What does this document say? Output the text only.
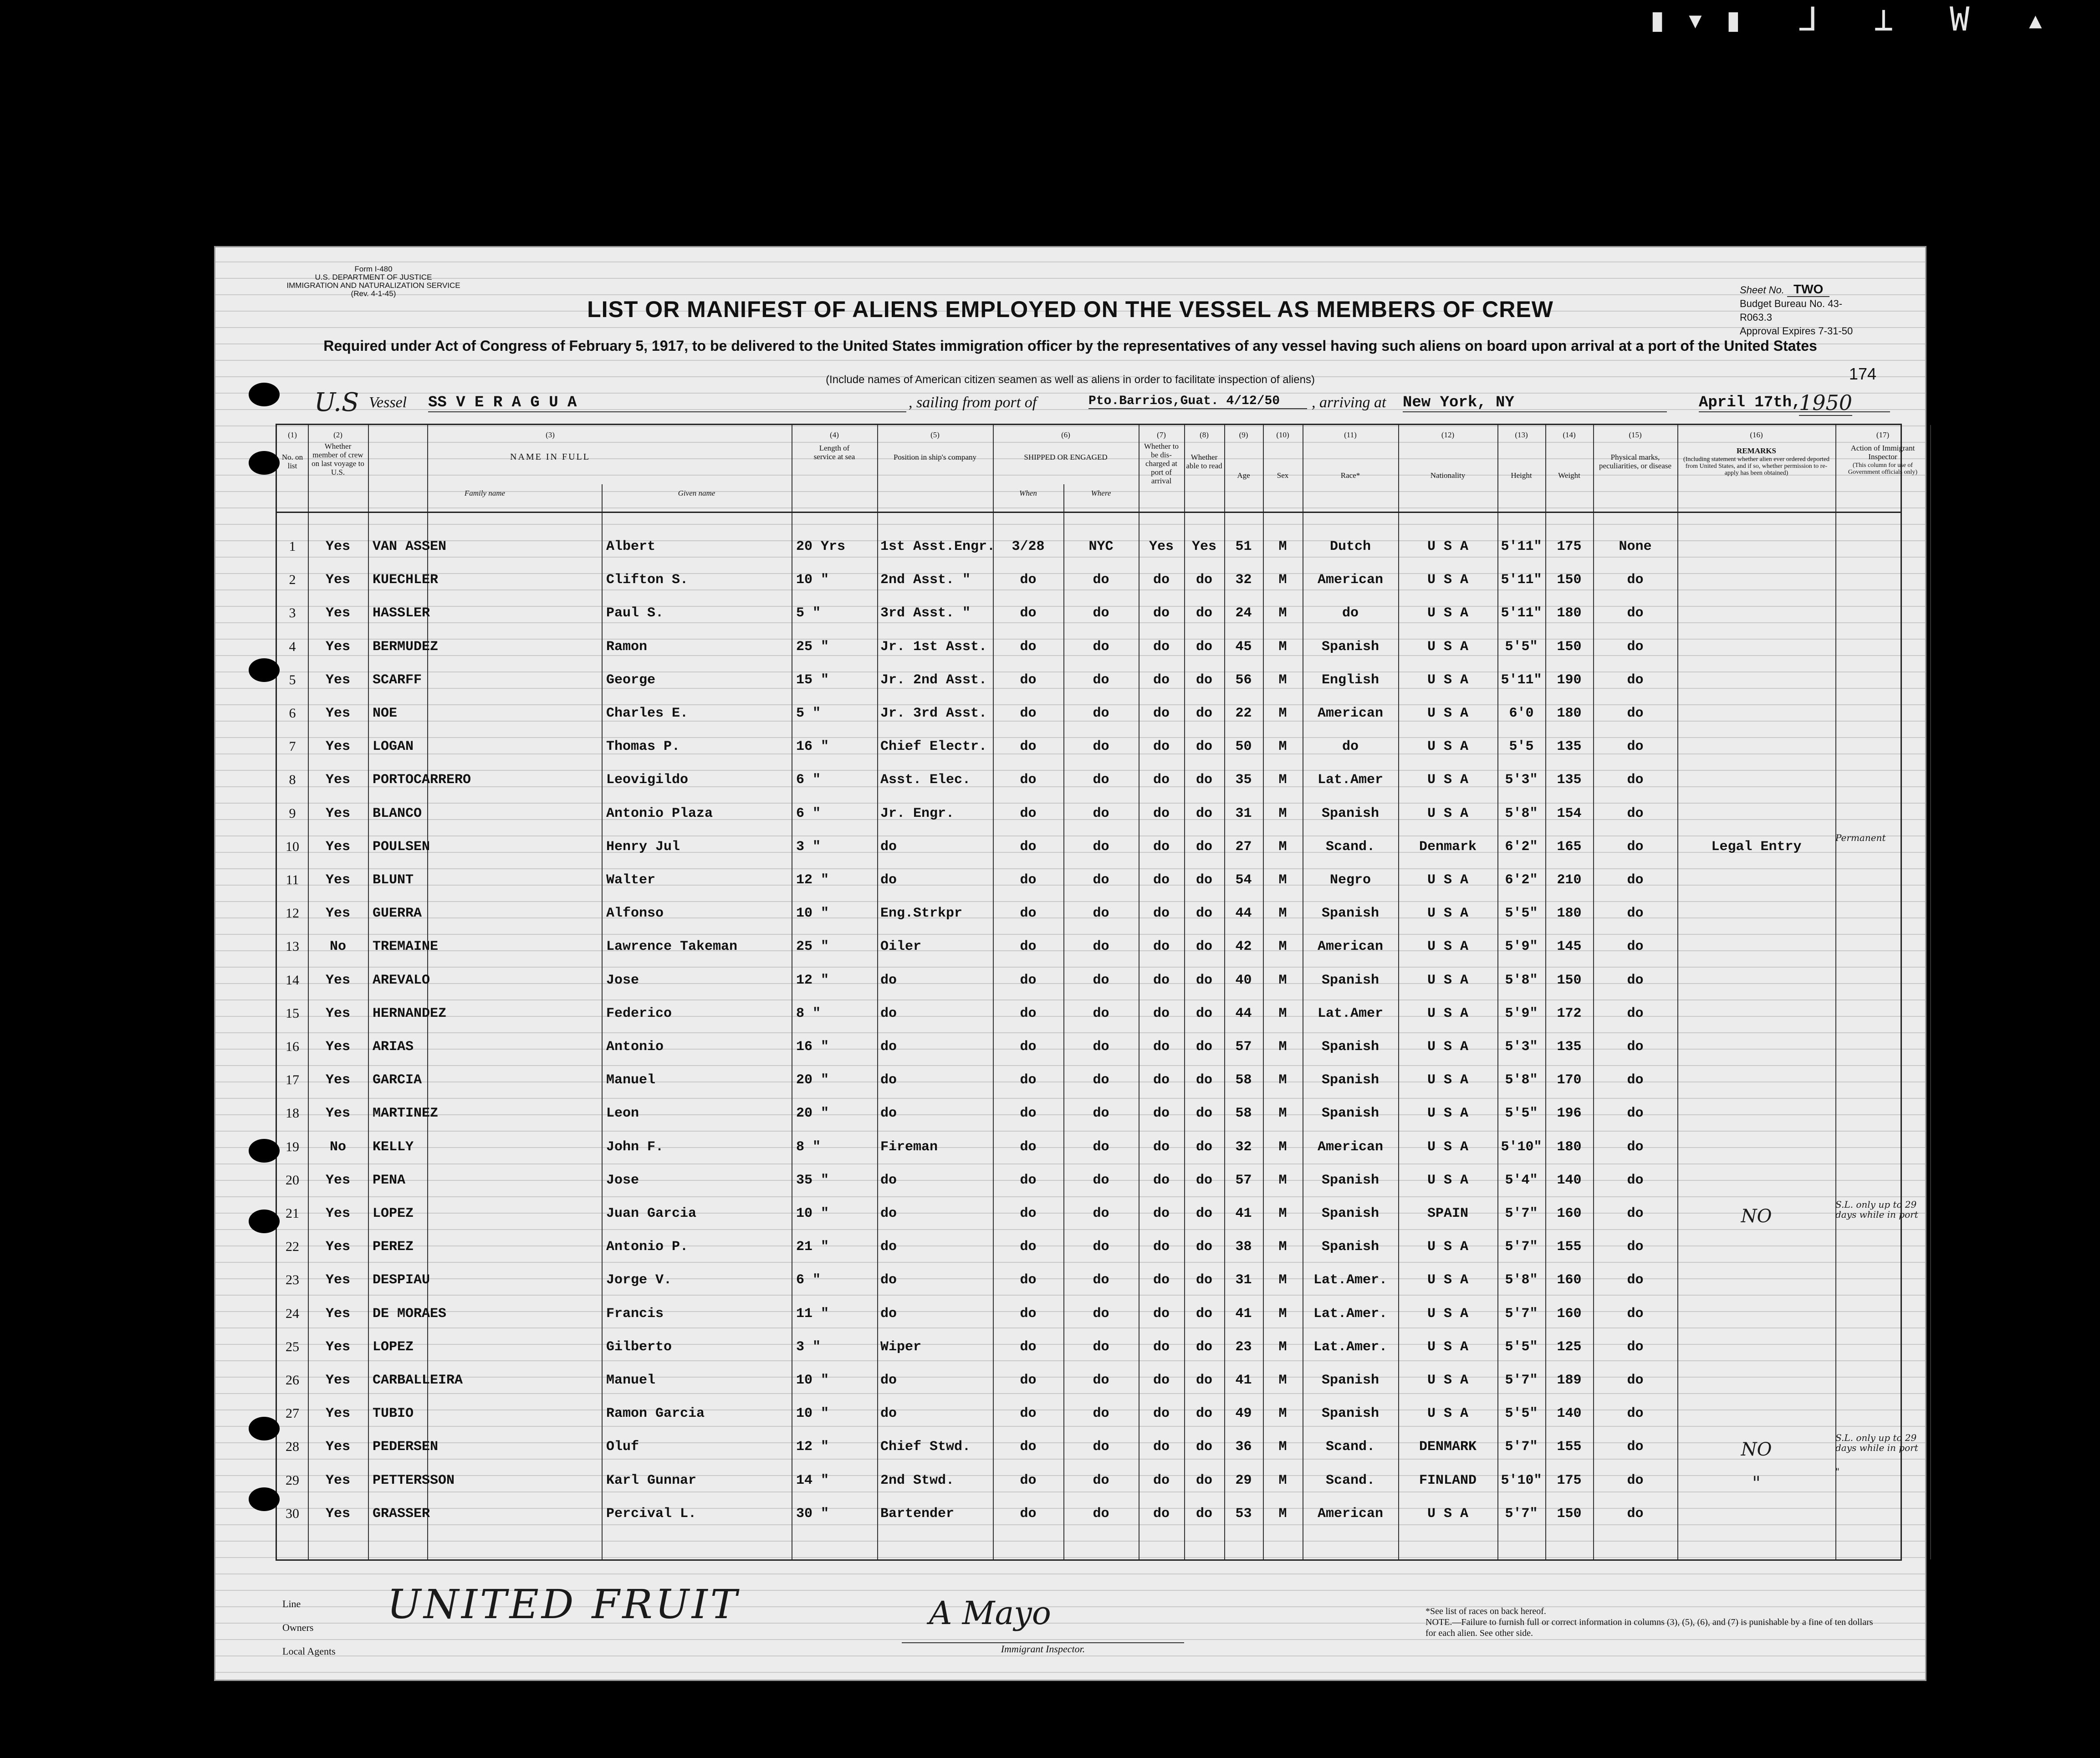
▮▾▮ ⅃ ⊥ W ▴
Form I-480
U.S. DEPARTMENT OF JUSTICE
IMMIGRATION AND NATURALIZATION SERVICE
(Rev. 4-1-45)	Sheet No. TWO
Budget Bureau No. 43-R063.3
Approval Expires 7-31-50
LIST OR MANIFEST OF ALIENS EMPLOYED ON THE VESSEL AS MEMBERS OF CREW
Required under Act of Congress of February 5, 1917, to be delivered to the United States immigration officer by the representatives of any vessel having such aliens on board upon arrival at a port of the United States
(Include names of American citizen seamen as well as aliens in order to facilitate inspection of aliens)	174
U.S Vessel SS V E R A G U A	, sailing from port of	Pto.Barrios,Guat. 4/12/50	, arriving at New York, NY	April 17th,
1950
(1)
No. on list
(2)
Whether member of crew on last voyage to U.S.
(3)
NAME IN FULL
Family name	Given name
(4)
Length of service at sea
(5)
Position in ship's company
(6)
SHIPPED OR ENGAGED
When	Where
(7)
Whether to be dis-charged at port of arrival
(8)
Whether able to read
(9)
Age
(10)
Sex
(11)
Race*
(12)
Nationality
(13)
Height
(14)
Weight
(15)
Physical marks, peculiarities, or disease
(16)
REMARKS
(Including statement whether alien ever ordered deported from United States, and if so, whether permission to re-apply has been obtained)
(17)
Action of Immigrant Inspector
(This column for use of Government officials only)
1	Yes	VAN ASSEN	Albert	20 Yrs	1st Asst.Engr.	3/28	NYC	Yes	Yes	51	M	Dutch	U S A	5'11"	175	None
2	Yes	KUECHLER	Clifton S.	10 "	2nd Asst. "	do	do	do	do	32	M	American	U S A	5'11"	150	do
3	Yes	HASSLER	Paul S.	5 "	3rd Asst. "	do	do	do	do	24	M	do	U S A	5'11"	180	do
4	Yes	BERMUDEZ	Ramon	25 "	Jr. 1st Asst.	do	do	do	do	45	M	Spanish	U S A	5'5"	150	do
5	Yes	SCARFF	George	15 "	Jr. 2nd Asst.	do	do	do	do	56	M	English	U S A	5'11"	190	do
6	Yes	NOE	Charles E.	5 "	Jr. 3rd Asst.	do	do	do	do	22	M	American	U S A	6'0	180	do
7	Yes	LOGAN	Thomas P.	16 "	Chief Electr.	do	do	do	do	50	M	do	U S A	5'5	135	do
8	Yes	PORTOCARRERO	Leovigildo	6 "	Asst. Elec.	do	do	do	do	35	M	Lat.Amer	U S A	5'3"	135	do
9	Yes	BLANCO	Antonio Plaza	6 "	Jr. Engr.	do	do	do	do	31	M	Spanish	U S A	5'8"	154	do
10	Yes	POULSEN	Henry Jul	3 "	do	do	do	do	do	27	M	Scand.	Denmark	6'2"	165	do	Legal Entry
Permanent
11	Yes	BLUNT	Walter	12 "	do	do	do	do	do	54	M	Negro	U S A	6'2"	210	do
12	Yes	GUERRA	Alfonso	10 "	Eng.Strkpr	do	do	do	do	44	M	Spanish	U S A	5'5"	180	do
13	No	TREMAINE	Lawrence Takeman	25 "	Oiler	do	do	do	do	42	M	American	U S A	5'9"	145	do
14	Yes	AREVALO	Jose	12 "	do	do	do	do	do	40	M	Spanish	U S A	5'8"	150	do
15	Yes	HERNANDEZ	Federico	8 "	do	do	do	do	do	44	M	Lat.Amer	U S A	5'9"	172	do
16	Yes	ARIAS	Antonio	16 "	do	do	do	do	do	57	M	Spanish	U S A	5'3"	135	do
17	Yes	GARCIA	Manuel	20 "	do	do	do	do	do	58	M	Spanish	U S A	5'8"	170	do
18	Yes	MARTINEZ	Leon	20 "	do	do	do	do	do	58	M	Spanish	U S A	5'5"	196	do
19	No	KELLY	John F.	8 "	Fireman	do	do	do	do	32	M	American	U S A	5'10"	180	do
20	Yes	PENA	Jose	35 "	do	do	do	do	do	57	M	Spanish	U S A	5'4"	140	do
21	Yes	LOPEZ	Juan Garcia	10 "	do	do	do	do	do	41	M	Spanish	SPAIN	5'7"	160	do	NO
S.L. only up to 29 days while in port
22	Yes	PEREZ	Antonio P.	21 "	do	do	do	do	do	38	M	Spanish	U S A	5'7"	155	do
23	Yes	DESPIAU	Jorge V.	6 "	do	do	do	do	do	31	M	Lat.Amer.	U S A	5'8"	160	do
24	Yes	DE MORAES	Francis	11 "	do	do	do	do	do	41	M	Lat.Amer.	U S A	5'7"	160	do
25	Yes	LOPEZ	Gilberto	3 "	Wiper	do	do	do	do	23	M	Lat.Amer.	U S A	5'5"	125	do
26	Yes	CARBALLEIRA	Manuel	10 "	do	do	do	do	do	41	M	Spanish	U S A	5'7"	189	do
27	Yes	TUBIO	Ramon Garcia	10 "	do	do	do	do	do	49	M	Spanish	U S A	5'5"	140	do
28	Yes	PEDERSEN	Oluf	12 "	Chief Stwd.	do	do	do	do	36	M	Scand.	DENMARK	5'7"	155	do	NO
S.L. only up to 29 days while in port
29	Yes	PETTERSSON	Karl Gunnar	14 "	2nd Stwd.	do	do	do	do	29	M	Scand.	FINLAND	5'10"	175	do	"
"
30	Yes	GRASSER	Percival L.	30 "	Bartender	do	do	do	do	53	M	American	U S A	5'7"	150	do
Line
Owners
Local Agents
UNITED FRUIT	A Mayo
Immigrant Inspector.
*See list of races on back hereof.
NOTE.—Failure to furnish full or correct information in columns (3), (5), (6), and (7) is punishable by a fine of ten dollars for each alien. See other side.
